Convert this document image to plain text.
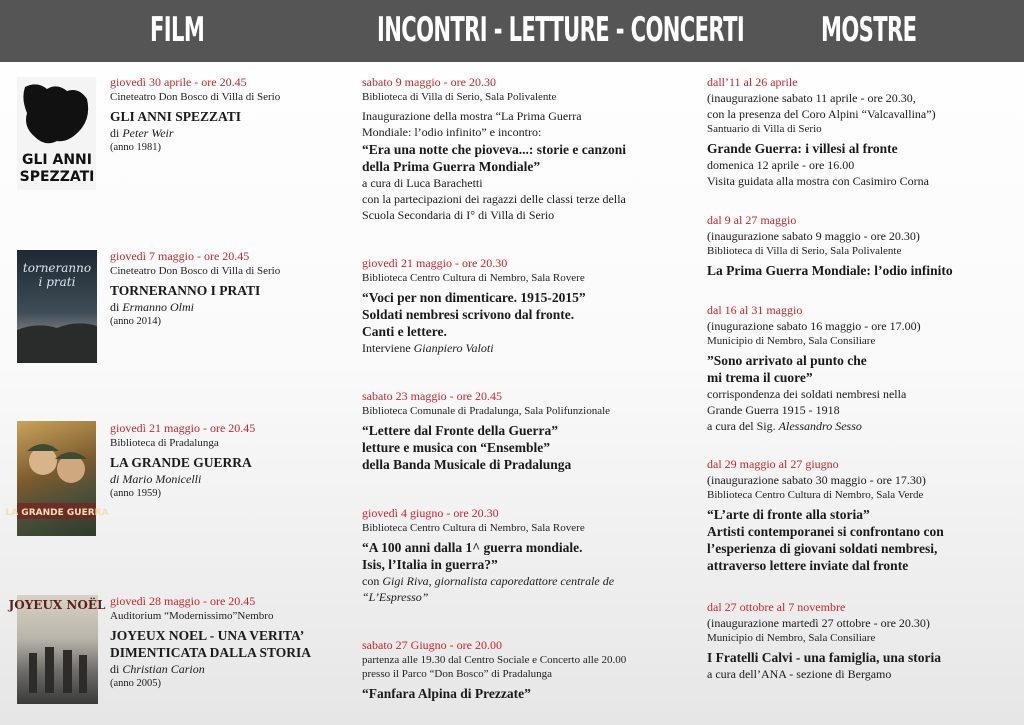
FILM	INCONTRI - LETTURE - CONCERTI MOSTRE
GLI ANNI
SPEZZATI
torneranno
i prati
LA GRANDE GUERRA
JOYEUX NOËL
giovedì 30 aprile - ore 20.45
Cineteatro Don Bosco di Villa di Serio
GLI ANNI SPEZZATI
di Peter Weir
(anno 1981)
giovedì 7 maggio - ore 20.45
Cineteatro Don Bosco di Villa di Serio
TORNERANNO I PRATI
di Ermanno Olmi
(anno 2014)
giovedì 21 maggio - ore 20.45
Biblioteca di Pradalunga
LA GRANDE GUERRA
di Mario Monicelli
(anno 1959)
giovedì 28 maggio - ore 20.45
Auditorium “Modernissimo”Nembro
JOYEUX NOEL - UNA VERITA’
DIMENTICATA DALLA STORIA
di Christian Carion
(anno 2005)
sabato 9 maggio - ore 20.30
Biblioteca di Villa di Serio, Sala Polivalente
Inaugurazione della mostra “La Prima Guerra
Mondiale: l’odio infinito” e incontro:
“Era una notte che pioveva...: storie e canzoni
della Prima Guerra Mondiale”
a cura di Luca Barachetti
con la partecipazioni dei ragazzi delle classi terze della
Scuola Secondaria di I° di Villa di Serio
giovedì 21 maggio - ore 20.30
Biblioteca Centro Cultura di Nembro, Sala Rovere
“Voci per non dimenticare. 1915-2015”
Soldati nembresi scrivono dal fronte.
Canti e lettere.
Interviene Gianpiero Valoti
sabato 23 maggio - ore 20.45
Biblioteca Comunale di Pradalunga, Sala Polifunzionale
“Lettere dal Fronte della Guerra”
letture e musica con “Ensemble”
della Banda Musicale di Pradalunga
giovedì 4 giugno - ore 20.30
Biblioteca Centro Cultura di Nembro, Sala Rovere
“A 100 anni dalla 1^ guerra mondiale.
Isis, l’Italia in guerra?”
con Gigi Riva, giornalista caporedattore centrale de
“L’Espresso”
sabato 27 Giugno - ore 20.00
partenza alle 19.30 dal Centro Sociale e Concerto alle 20.00
presso il Parco “Don Bosco” di Pradalunga
“Fanfara Alpina di Prezzate”
dall’11 al 26 aprile
(inaugurazione sabato 11 aprile - ore 20.30,
con la presenza del Coro Alpini “Valcavallina”)
Santuario di Villa di Serio
Grande Guerra: i villesi al fronte
domenica 12 aprile - ore 16.00
Visita guidata alla mostra con Casimiro Corna
dal 9 al 27 maggio
(inaugurazione sabato 9 maggio - ore 20.30)
Biblioteca di Villa di Serio, Sala Polivalente
La Prima Guerra Mondiale: l’odio infinito
dal 16 al 31 maggio
(inugurazione sabato 16 maggio - ore 17.00)
Municipio di Nembro, Sala Consiliare
”Sono arrivato al punto che
mi trema il cuore”
corrispondenza dei soldati nembresi nella
Grande Guerra 1915 - 1918
a cura del Sig. Alessandro Sesso
dal 29 maggio al 27 giugno
(inaugurazione sabato 30 maggio - ore 17.30)
Biblioteca Centro Cultura di Nembro, Sala Verde
“L’arte di fronte alla storia”
Artisti contemporanei si confrontano con
l’esperienza di giovani soldati nembresi,
attraverso lettere inviate dal fronte
dal 27 ottobre al 7 novembre
(inaugurazione martedì 27 ottobre - ore 20.30)
Municipio di Nembro, Sala Consiliare
I Fratelli Calvi - una famiglia, una storia
a cura dell’ANA - sezione di Bergamo
